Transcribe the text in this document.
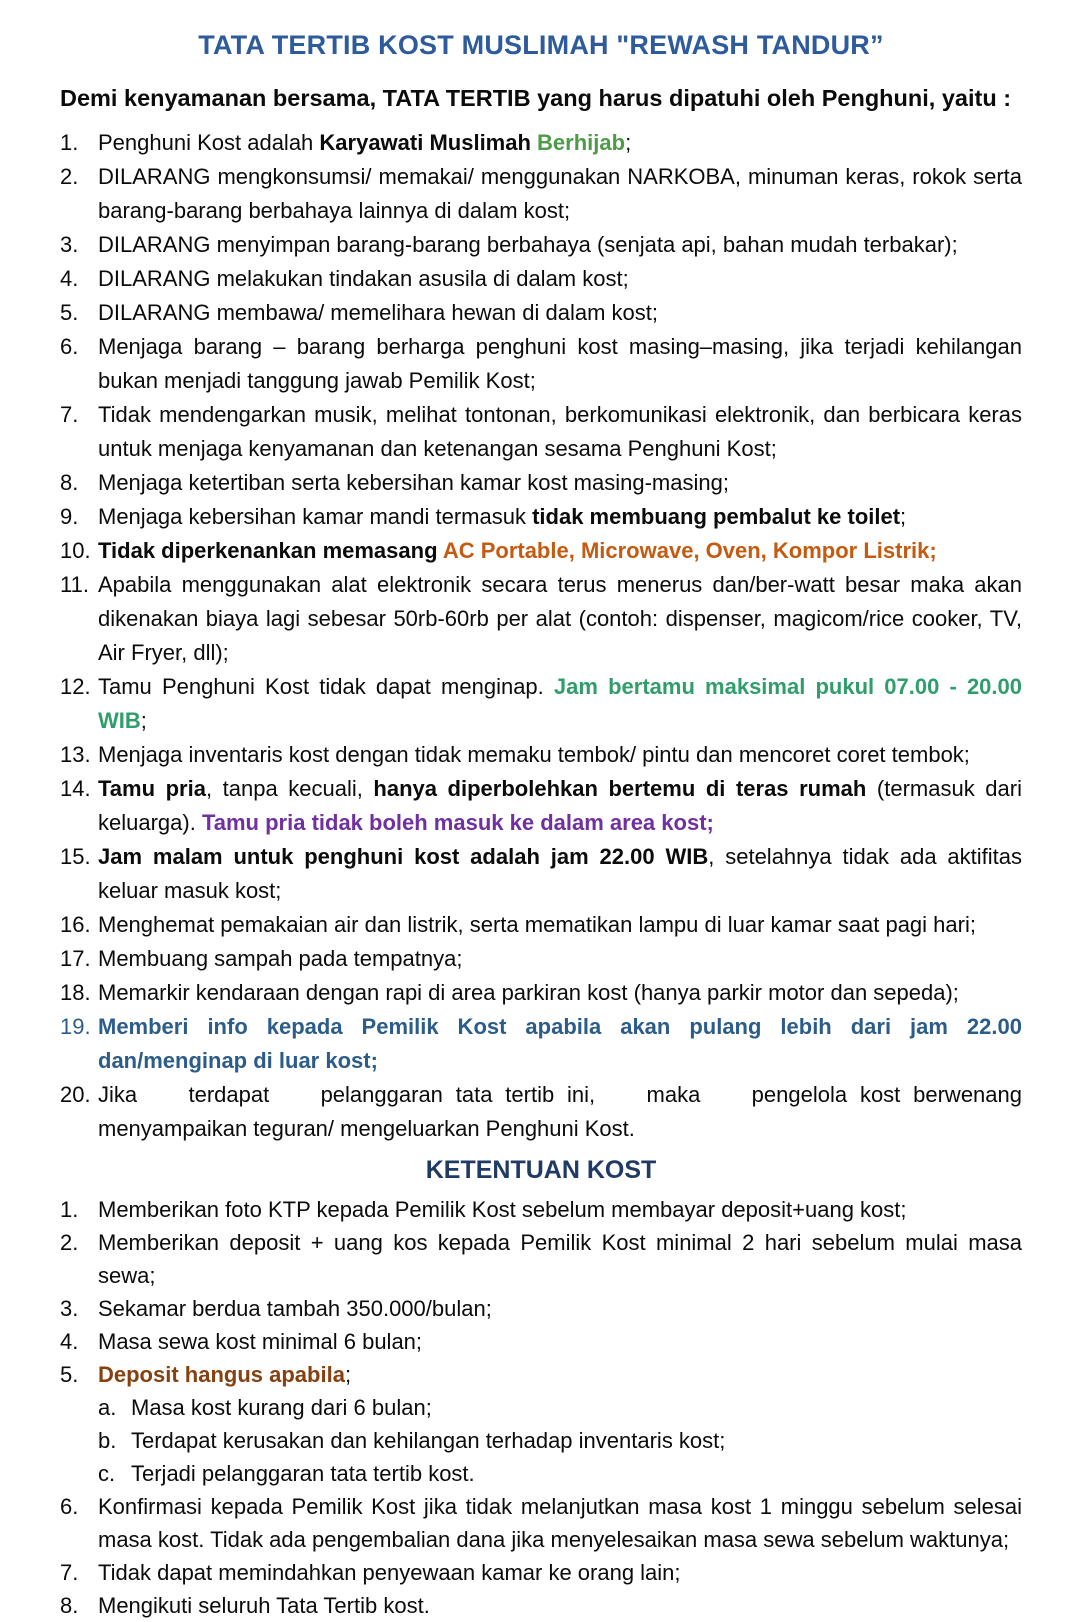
TATA TERTIB KOST MUSLIMAH "REWASH TANDUR”

Demi kenyamanan bersama, TATA TERTIB yang harus dipatuhi oleh Penghuni, yaitu :

1. Penghuni Kost adalah Karyawati Muslimah Berhijab;
2. DILARANG mengkonsumsi/ memakai/ menggunakan NARKOBA, minuman keras, rokok serta barang-barang berbahaya lainnya di dalam kost;
3. DILARANG menyimpan barang-barang berbahaya (senjata api, bahan mudah terbakar);
4. DILARANG melakukan tindakan asusila di dalam kost;
5. DILARANG membawa/ memelihara hewan di dalam kost;
6. Menjaga barang – barang berharga penghuni kost masing–masing, jika terjadi kehilangan bukan menjadi tanggung jawab Pemilik Kost;
7. Tidak mendengarkan musik, melihat tontonan, berkomunikasi elektronik, dan berbicara keras untuk menjaga kenyamanan dan ketenangan sesama Penghuni Kost;
8. Menjaga ketertiban serta kebersihan kamar kost masing-masing;
9. Menjaga kebersihan kamar mandi termasuk tidak membuang pembalut ke toilet;
10. Tidak diperkenankan memasang AC Portable, Microwave, Oven, Kompor Listrik;
11. Apabila menggunakan alat elektronik secara terus menerus dan/ber-watt besar maka akan dikenakan biaya lagi sebesar 50rb-60rb per alat (contoh: dispenser, magicom/rice cooker, TV, Air Fryer, dll);
12. Tamu Penghuni Kost tidak dapat menginap. Jam bertamu maksimal pukul 07.00 - 20.00 WIB;
13. Menjaga inventaris kost dengan tidak memaku tembok/ pintu dan mencoret coret tembok;
14. Tamu pria, tanpa kecuali, hanya diperbolehkan bertemu di teras rumah (termasuk dari keluarga). Tamu pria tidak boleh masuk ke dalam area kost;
15. Jam malam untuk penghuni kost adalah jam 22.00 WIB, setelahnya tidak ada aktifitas keluar masuk kost;
16. Menghemat pemakaian air dan listrik, serta mematikan lampu di luar kamar saat pagi hari;
17. Membuang sampah pada tempatnya;
18. Memarkir kendaraan dengan rapi di area parkiran kost (hanya parkir motor dan sepeda);
19. Memberi info kepada Pemilik Kost apabila akan pulang lebih dari jam 22.00 dan/menginap di luar kost;
20. Jika    terdapat    pelanggaran tata tertib ini,    maka    pengelola kost berwenang menyampaikan teguran/ mengeluarkan Penghuni Kost.
KETENTUAN KOST
1. Memberikan foto KTP kepada Pemilik Kost sebelum membayar deposit+uang kost;
2. Memberikan deposit + uang kos kepada Pemilik Kost minimal 2 hari sebelum mulai masa sewa;
3. Sekamar berdua tambah 350.000/bulan;
4. Masa sewa kost minimal 6 bulan;
5. Deposit hangus apabila;
a. Masa kost kurang dari 6 bulan;
b. Terdapat kerusakan dan kehilangan terhadap inventaris kost;
c. Terjadi pelanggaran tata tertib kost.
6. Konfirmasi kepada Pemilik Kost jika tidak melanjutkan masa kost 1 minggu sebelum selesai masa kost. Tidak ada pengembalian dana jika menyelesaikan masa sewa sebelum waktunya;
7. Tidak dapat memindahkan penyewaan kamar ke orang lain;
8. Mengikuti seluruh Tata Tertib kost.
